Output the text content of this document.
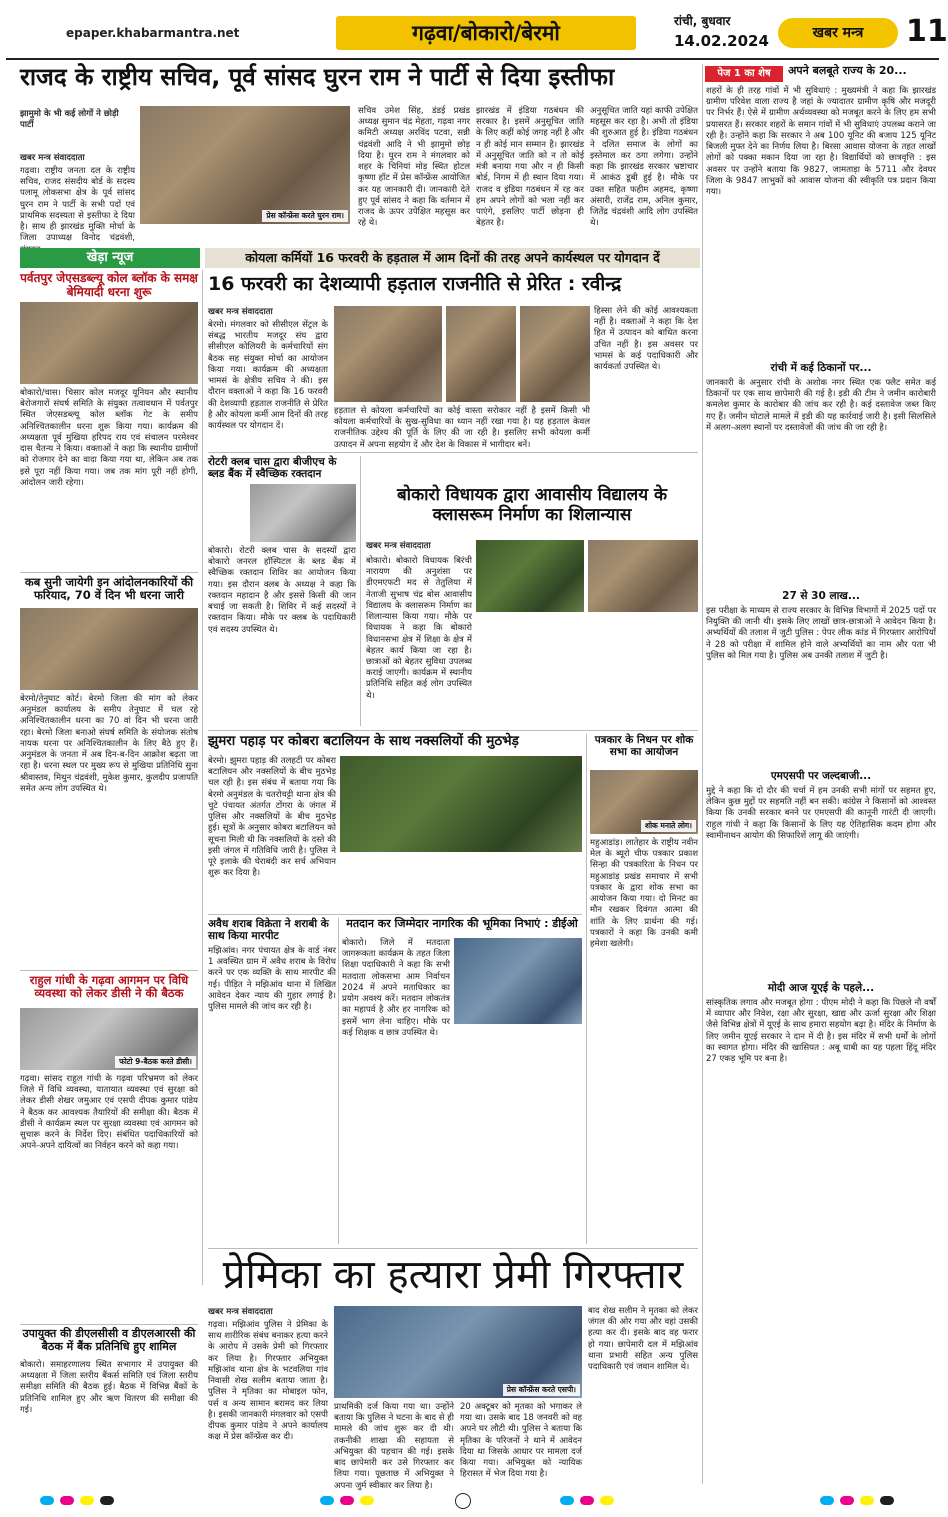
epaper.khabarmantra.net	गढ़वा/बोकारो/बेरमो	रांची, बुधवार
14.02.2024	खबर मन्त्र	11
राजद के राष्ट्रीय सचिव, पूर्व सांसद घुरन राम ने पार्टी से दिया इस्तीफा
झामुमो के भी कई लोगों ने छोड़ी पार्टी
प्रेस कॉन्फ्रेंस करते घुरन राम।
खबर मन्त्र संवाददाता
गढ़वा। राष्ट्रीय जनता दल के राष्ट्रीय सचिव, राजद संसदीय बोर्ड के सदस्य पलामू लोकसभा क्षेत्र के पूर्व सांसद घुरन राम ने पार्टी के सभी पदों एवं प्राथमिक सदस्यता से इस्तीफा दे दिया है। साथ ही झारखंड मुक्ति मोर्चा के जिला उपाध्यक्ष विनोद चंद्रवंशी,
सचिव उमेश सिंह, डंडई प्रखंड अध्यक्ष सुमान चंद्र मेहता, गढ़वा नगर कमिटी अध्यक्ष अरविंद पटवा, सन्नी चंद्रवंशी आदि ने भी झामुमो छोड़ दिया है। घुरन राम ने मंगलवार को शहर के चिनियां मोड़ स्थित होटल कृष्णा हॉट में प्रेस कॉन्फ्रेंस आयोजित कर यह जानकारी दी। जानकारी देते हुए पूर्व सांसद ने कहा कि वर्तमान में राजद के ऊपर उपेक्षित महसूस कर रहे थे।
झारखंड में इंडिया गठबंधन की सरकार है। इसमें अनुसूचित जाति के लिए कहीं कोई जगह नहीं है और न ही कोई मान सम्मान है। झारखंड में अनुसूचित जाति को न तो कोई मंत्री बनाया गया और न ही किसी बोर्ड, निगम में ही स्थान दिया गया। राजद व इंडिया गठबंधन में रह कर हम अपने लोगों को भला नहीं कर पाएंगे, इसलिए पार्टी छोड़ना ही बेहतर है।
अनुसूचित जाति यहां काफी उपेक्षित महसूस कर रहा है। अभी तो इंडिया की शुरुआत हुई है। इंडिया गठबंधन ने दलित समाज के लोगों का इस्तेमाल कर ठगा लगेगा। उन्होंने कहा कि झारखंड सरकार भ्रष्टाचार में आकंठ डूबी हुई है। मौके पर उक्त सहित फहीम अहमद, कृष्णा अंसारी, राजेंद्र राम, अनिल कुमार, जितेंद्र चंद्रवंशी आदि लोग उपस्थित थे।
पेज 1 का शेष	अपने बलबूते राज्य के 20...
शहरों के ही तरह गांवों में भी सुविधाएं : मुख्यमंत्री ने कहा कि झारखंड ग्रामीण परिवेश वाला राज्य है जहां के ज्यादातर ग्रामीण कृषि और मजदूरी पर निर्भर हैं। ऐसे में ग्रामीण अर्थव्यवस्था को मजबूत करने के लिए हम सभी प्रयासरत हैं। सरकार शहरों के समान गांवों में भी सुविधाएं उपलब्ध कराने जा रही है। उन्होंने कहा कि सरकार ने अब 100 यूनिट की बजाय 125 यूनिट बिजली मुफ्त देने का निर्णय लिया है। बिरसा आवास योजना के तहत लाखों लोगों को पक्का मकान दिया जा रहा है। विद्यार्थियों को छात्रवृत्ति : इस अवसर पर उन्होंने बताया कि 9827, जामताड़ा के 5711 और देवघर जिला के 9847 लाभुकों को आवास योजना की स्वीकृति पत्र प्रदान किया गया।
रांची में कई ठिकानों पर...
जानकारी के अनुसार रांची के अशोक नगर स्थित एक फ्लैट समेत कई ठिकानों पर एक साथ छापेमारी की गई है। इडी की टीम ने जमीन कारोबारी कमलेश कुमार के कारोबार की जांच कर रही है। कई दस्तावेज जब्त किए गए हैं। जमीन घोटाले मामले में इडी की यह कार्रवाई जारी है। इसी सिलसिले में अलग-अलग स्थानों पर दस्तावेजों की जांच की जा रही है।
27 से 30 लाख...
इस परीक्षा के माध्यम से राज्य सरकार के विभिन्न विभागों में 2025 पदों पर नियुक्ति की जानी थी। इसके लिए लाखों छात्र-छात्राओं ने आवेदन किया है। अभ्यर्थियों की तलाश में जुटी पुलिस : पेपर लीक कांड में गिरफ्तार आरोपियों ने 28 को परीक्षा में शामिल होने वाले अभ्यर्थियों का नाम और पता भी पुलिस को मिल गया है। पुलिस अब उनकी तलाश में जुटी है।
एमएसपी पर जल्दबाजी...
मुद्दे ने कहा कि दो दौर की चर्चा में हम उनकी सभी मांगों पर सहमत हुए, लेकिन कुछ मुद्दों पर सहमति नहीं बन सकी। कांग्रेस ने किसानों को आश्वस्त किया कि उनकी सरकार बनने पर एमएसपी की कानूनी गारंटी दी जाएगी। राहुल गांधी ने कहा कि किसानों के लिए यह ऐतिहासिक कदम होगा और स्वामीनाथन आयोग की सिफारिशें लागू की जाएंगी।
मोदी आज यूएई के पहले...
सांस्कृतिक लगाव और मजबूत होगा : पीएम मोदी ने कहा कि पिछले नौ वर्षों में व्यापार और निवेश, रक्षा और सुरक्षा, खाद्य और ऊर्जा सुरक्षा और शिक्षा जैसे विभिन्न क्षेत्रों में यूएई के साथ हमारा सहयोग बढ़ा है। मंदिर के निर्माण के लिए जमीन यूएई सरकार ने दान में दी है। इस मंदिर में सभी धर्मों के लोगों का स्वागत होगा। मंदिर की खासियत : अबू धाबी का यह पहला हिंदू मंदिर 27 एकड़ भूमि पर बना है।
खेड़ा न्यूज	कोयला कर्मियों 16 फरवरी के हड़ताल में आम दिनों की तरह अपने कार्यस्थल पर योगदान दें
पर्वतपुर जेएसडब्ल्यू कोल ब्लॉक के समक्ष बेमियादी धरना शुरू
बोकारो/चास। चिसार कोल मजदूर यूनियन और स्थानीय बेरोजगारों संघर्ष समिति के संयुक्त तत्वावधान में पर्वतपुर स्थित जेएसडब्ल्यू कोल ब्लॉक गेट के समीप अनिश्चितकालीन धरना शुरू किया गया। कार्यक्रम की अध्यक्षता पूर्व मुखिया हरिपद राय एवं संचालन परमेश्वर दास चैतन्य ने किया। वक्ताओं ने कहा कि स्थानीय ग्रामीणों को रोजगार देने का वादा किया गया था, लेकिन अब तक इसे पूरा नहीं किया गया। जब तक मांग पूरी नहीं होगी, आंदोलन जारी रहेगा।
कब सुनी जायेगी इन आंदोलनकारियों की फरियाद, 70 वें दिन भी धरना जारी
बेरमो/तेनुघाट कोर्ट। बेरमो जिला की मांग को लेकर अनुमंडल कार्यालय के समीप तेनुघाट में चल रहे अनिश्चितकालीन धरना का 70 वां दिन भी धरना जारी रहा। बेरमो जिला बनाओ संघर्ष समिति के संयोजक संतोष नायक धरना पर अनिश्चितकालीन के लिए बैठे हुए हैं। अनुमंडल के जनता में अब दिन-ब-दिन आक्रोश बढ़ता जा रहा है। धरना स्थल पर मुख्य रूप से मुखिया प्रतिनिधि सुना श्रीवास्तव, मिथुन चंद्रवंशी, मुकेश कुमार, कुलदीप प्रजापति समेत अन्य लोग उपस्थित थे।
राहुल गांधी के गढ़वा आगमन पर विधि व्यवस्था को लेकर डीसी ने की बैठक
फोटो 9-बैठक करते डीसी।
गढ़वा। सांसद राहुल गांधी के गढ़वा परिभ्रमण को लेकर जिले में विधि व्यवस्था, यातायात व्यवस्था एवं सुरक्षा को लेकर डीसी शेखर जमुआर एवं एसपी दीपक कुमार पांडेय ने बैठक कर आवश्यक तैयारियों की समीक्षा की। बैठक में डीसी ने कार्यक्रम स्थल पर सुरक्षा व्यवस्था एवं आगमन को सुचारू करने के निर्देश दिए। संबंधित पदाधिकारियों को अपने-अपने दायित्वों का निर्वहन करने को कहा गया।
उपायुक्त की डीएलसीसी व डीएलआरसी की बैठक में बैंक प्रतिनिधि हुए शामिल
बोकारो। समाहरणालय स्थित सभागार में उपायुक्त की अध्यक्षता में जिला स्तरीय बैंकर्स समिति एवं जिला स्तरीय समीक्षा समिति की बैठक हुई। बैठक में विभिन्न बैंकों के प्रतिनिधि शामिल हुए और ऋण वितरण की समीक्षा की गई।
16 फरवरी का देशव्यापी हड़ताल राजनीति से प्रेरित : रवीन्द्र
खबर मन्त्र संवाददाता
बेरमो। मंगलवार को सीसीएल सेंट्रल के संबद्ध भारतीय मजदूर संघ द्वारा सीसीएल कोलियरी के कर्मचारियों संग बैठक सह संयुक्त मोर्चा का आयोजन किया गया। कार्यक्रम की अध्यक्षता भामसं के क्षेत्रीय सचिव ने की। इस दौरान वक्ताओं ने कहा कि 16 फरवरी की देशव्यापी हड़ताल राजनीति से प्रेरित है और कोयला कर्मी आम दिनों की तरह कार्यस्थल पर योगदान दें।
हड़ताल से कोयला कर्मचारियों का कोई वास्ता सरोकार नहीं है इसमें किसी भी कोयला कर्मचारियों के सुख-सुविधा का ध्यान नहीं रखा गया है। यह हड़ताल केवल राजनीतिक उद्देश्य की पूर्ति के लिए की जा रही है। इसलिए सभी कोयला कर्मी उत्पादन में अपना सहयोग दें और देश के विकास में भागीदार बनें।
हिस्सा लेने की कोई आवश्यकता नहीं है। वक्ताओं ने कहा कि देश हित में उत्पादन को बाधित करना उचित नहीं है। इस अवसर पर भामसं के कई पदाधिकारी और कार्यकर्ता उपस्थित थे।
रोटरी क्लब चास द्वारा बीजीएच के ब्लड बैंक में स्वैच्छिक रक्तदान
बोकारो। रोटरी क्लब चास के सदस्यों द्वारा बोकारो जनरल हॉस्पिटल के ब्लड बैंक में स्वैच्छिक रक्तदान शिविर का आयोजन किया गया। इस दौरान क्लब के अध्यक्ष ने कहा कि रक्तदान महादान है और इससे किसी की जान बचाई जा सकती है। शिविर में कई सदस्यों ने रक्तदान किया। मौके पर क्लब के पदाधिकारी एवं सदस्य उपस्थित थे।
बोकारो विधायक द्वारा आवासीय विद्यालय के क्लासरूम निर्माण का शिलान्यास
खबर मन्त्र संवाददाता
बोकारो। बोकारो विधायक बिरंची नारायण की अनुशंसा पर डीएमएफटी मद से तेतुलिया में नेताजी सुभाष चंद्र बोस आवासीय विद्यालय के क्लासरूम निर्माण का शिलान्यास किया गया। मौके पर विधायक ने कहा कि बोकारो विधानसभा क्षेत्र में शिक्षा के क्षेत्र में बेहतर कार्य किया जा रहा है। छात्राओं को बेहतर सुविधा उपलब्ध कराई जाएगी। कार्यक्रम में स्थानीय प्रतिनिधि सहित कई लोग उपस्थित थे।
झुमरा पहाड़ पर कोबरा बटालियन के साथ नक्सलियों की मुठभेड़
बेरमो। झुमरा पहाड़ की तलहटी पर कोबरा बटालियन और नक्सलियों के बीच मुठभेड़ चल रही है। इस संबंध में बताया गया कि बेरमो अनुमंडल के चतरोचट्टी थाना क्षेत्र की चुटे पंचायत अंतर्गत टोंगरा के जंगल में पुलिस और नक्सलियों के बीच मुठभेड़ हुई। सूत्रों के अनुसार कोबरा बटालियन को सूचना मिली थी कि नक्सलियों के दस्ते की इसी जंगल में गतिविधि जारी है। पुलिस ने पूरे इलाके की घेराबंदी कर सर्च अभियान शुरू कर दिया है।
पत्रकार के निधन पर शोक सभा का आयोजन
शोक मनाते लोग।
महुआडांड़। लातेहार के राष्ट्रीय नवीन मेल के ब्यूरो चीफ पत्रकार प्रकाश सिन्हा की पत्रकारिता के निधन पर महुआडांड़ प्रखंड समाचार में सभी पत्रकार के द्वारा शोक सभा का आयोजन किया गया। दो मिनट का मौन रखकर दिवंगत आत्मा की शांति के लिए प्रार्थना की गई। पत्रकारों ने कहा कि उनकी कमी हमेशा खलेगी।
अवैध शराब विक्रेता ने शराबी के साथ किया मारपीट
मझिआंव। नगर पंचायत क्षेत्र के वार्ड नंबर 1 अवस्थित ग्राम में अवैध शराब के विरोध करने पर एक व्यक्ति के साथ मारपीट की गई। पीड़ित ने मझिआंव थाना में लिखित आवेदन देकर न्याय की गुहार लगाई है। पुलिस मामले की जांच कर रही है।
मतदान कर जिम्मेदार नागरिक की भूमिका निभाएं : डीईओ
बोकारो। जिले में मतदाता जागरूकता कार्यक्रम के तहत जिला शिक्षा पदाधिकारी ने कहा कि सभी मतदाता लोकसभा आम निर्वाचन 2024 में अपने मताधिकार का प्रयोग अवश्य करें। मतदान लोकतंत्र का महापर्व है और हर नागरिक को इसमें भाग लेना चाहिए। मौके पर कई शिक्षक व छात्र उपस्थित थे।
प्रेमिका का हत्यारा प्रेमी गिरफ्तार
खबर मन्त्र संवाददाता
गढ़वा। मझिआंव पुलिस ने प्रेमिका के साथ शारीरिक संबंध बनाकर हत्या करने के आरोप में उसके प्रेमी को गिरफ्तार कर लिया है। गिरफ्तार अभियुक्त मझिआंव थाना क्षेत्र के भटवलिया गांव निवासी शेख सलीम बताया जाता है। पुलिस ने मृतिका का मोबाइल फोन, पर्स व अन्य सामान बरामद कर लिया है। इसकी जानकारी मंगलवार को एसपी दीपक कुमार पांडेय ने अपने कार्यालय कक्ष में प्रेस कॉन्फ्रेंस कर दी।
प्रेस कॉन्फ्रेंस करते एसपी।
प्राथमिकी दर्ज किया गया था। उन्होंने बताया कि पुलिस ने घटना के बाद से ही मामले की जांच शुरू कर दी थी। तकनीकी शाखा की सहायता से अभियुक्त की पहचान की गई। इसके बाद छापेमारी कर उसे गिरफ्तार कर लिया गया। पूछताछ में अभियुक्त ने अपना जुर्म स्वीकार कर लिया है।
20 अक्टूबर को मृतका को भगाकर ले गया था। उसके बाद 18 जनवरी को वह अपने घर लौटी थी। पुलिस ने बताया कि मृतिका के परिजनों ने थाने में आवेदन दिया था जिसके आधार पर मामला दर्ज किया गया। अभियुक्त को न्यायिक हिरासत में भेज दिया गया है।
बाद शेख सलीम ने मृतका को लेकर जंगल की ओर गया और वहां उसकी हत्या कर दी। इसके बाद वह फरार हो गया। छापेमारी दल में मझिआंव थाना प्रभारी सहित अन्य पुलिस पदाधिकारी एवं जवान शामिल थे।
